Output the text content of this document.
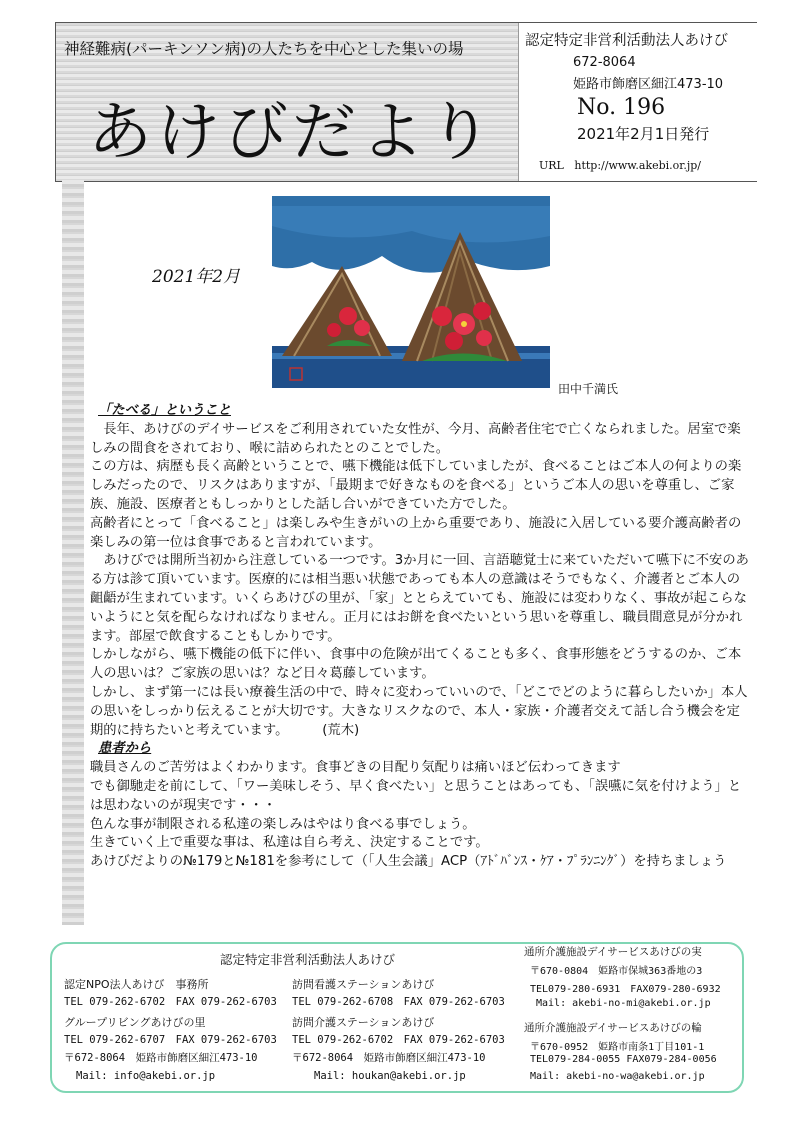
神経難病(パーキンソン病)の人たちを中心とした集いの場
あけびだより
認定特定非営利活動法人あけび
672-8064
姫路市飾磨区細江473-10
No. 196
2021年2月1日発行
URL http://www.akebi.or.jp/
2021年2月
田中千満氏

「たべる」ということ

長年、あけびのデイサービスをご利用されていた女性が、今月、高齢者住宅で亡くなられました。居室で楽しみの間食をされており、喉に詰められたとのことでした。

この方は、病歴も長く高齢ということで、嚥下機能は低下していましたが、食べることはご本人の何よりの楽しみだったので、リスクはありますが、「最期まで好きなものを食べる」というご本人の思いを尊重し、ご家族、施設、医療者ともしっかりとした話し合いができていた方でした。

高齢者にとって「食べること」は楽しみや生きがいの上から重要であり、施設に入居している要介護高齢者の楽しみの第一位は食事であると言われています。

あけびでは開所当初から注意している一つです。3か月に一回、言語聴覚士に来ていただいて嚥下に不安のある方は診て頂いています。医療的には相当悪い状態であっても本人の意識はそうでもなく、介護者とご本人の齟齬が生まれています。いくらあけびの里が、「家」ととらえていても、施設には変わりなく、事故が起こらないようにと気を配らなければなりません。正月にはお餅を食べたいという思いを尊重し、職員間意見が分かれます。部屋で飲食することもしかりです。

しかしながら、嚥下機能の低下に伴い、食事中の危険が出てくることも多く、食事形態をどうするのか、ご本人の思いは？ご家族の思いは？など日々葛藤しています。

しかし、まず第一には長い療養生活の中で、時々に変わっていいので、「どこでどのように暮らしたいか」本人の思いをしっかり伝えることが大切です。大きなリスクなので、本人・家族・介護者交えて話し合う機会を定期的に持ちたいと考えています。	(荒木)

患者から

職員さんのご苦労はよくわかります。食事どきの目配り気配りは痛いほど伝わってきます

でも御馳走を前にして、「ワー美味しそう、早く食べたい」と思うことはあっても、「誤嚥に気を付けよう」とは思わないのが現実です・・・

色んな事が制限される私達の楽しみはやはり食べる事でしょう。

生きていく上で重要な事は、私達は自ら考え、決定することです。

あけびだよりの№179と№181を参考にして（「人生会議」ACP（ｱﾄﾞﾊﾞﾝｽ・ｹｱ・ﾌﾟﾗﾝﾆﾝｸﾞ）を持ちましょう

認定特定非営利活動法人あけび
認定NPO法人あけび　事務所
TEL 079-262-6702　FAX 079-262-6703
グループリビングあけびの里
TEL 079-262-6707　FAX 079-262-6703
〒672-8064　姫路市飾磨区細江473-10
Mail: info@akebi.or.jp
訪問看護ステーションあけび
TEL 079-262-6708　FAX 079-262-6703
訪問介護ステーションあけび
TEL 079-262-6702　FAX 079-262-6703
〒672-8064　姫路市飾磨区細江473-10
Mail: houkan@akebi.or.jp
通所介護施設デイサービスあけびの実
〒670-0804　姫路市保城363番地の3
TEL079-280-6931　FAX079-280-6932
Mail: akebi-no-mi@akebi.or.jp
通所介護施設デイサービスあけびの輪
〒670-0952　姫路市南条1丁目101-1
TEL079-284-0055 FAX079-284-0056
Mail: akebi-no-wa@akebi.or.jp
